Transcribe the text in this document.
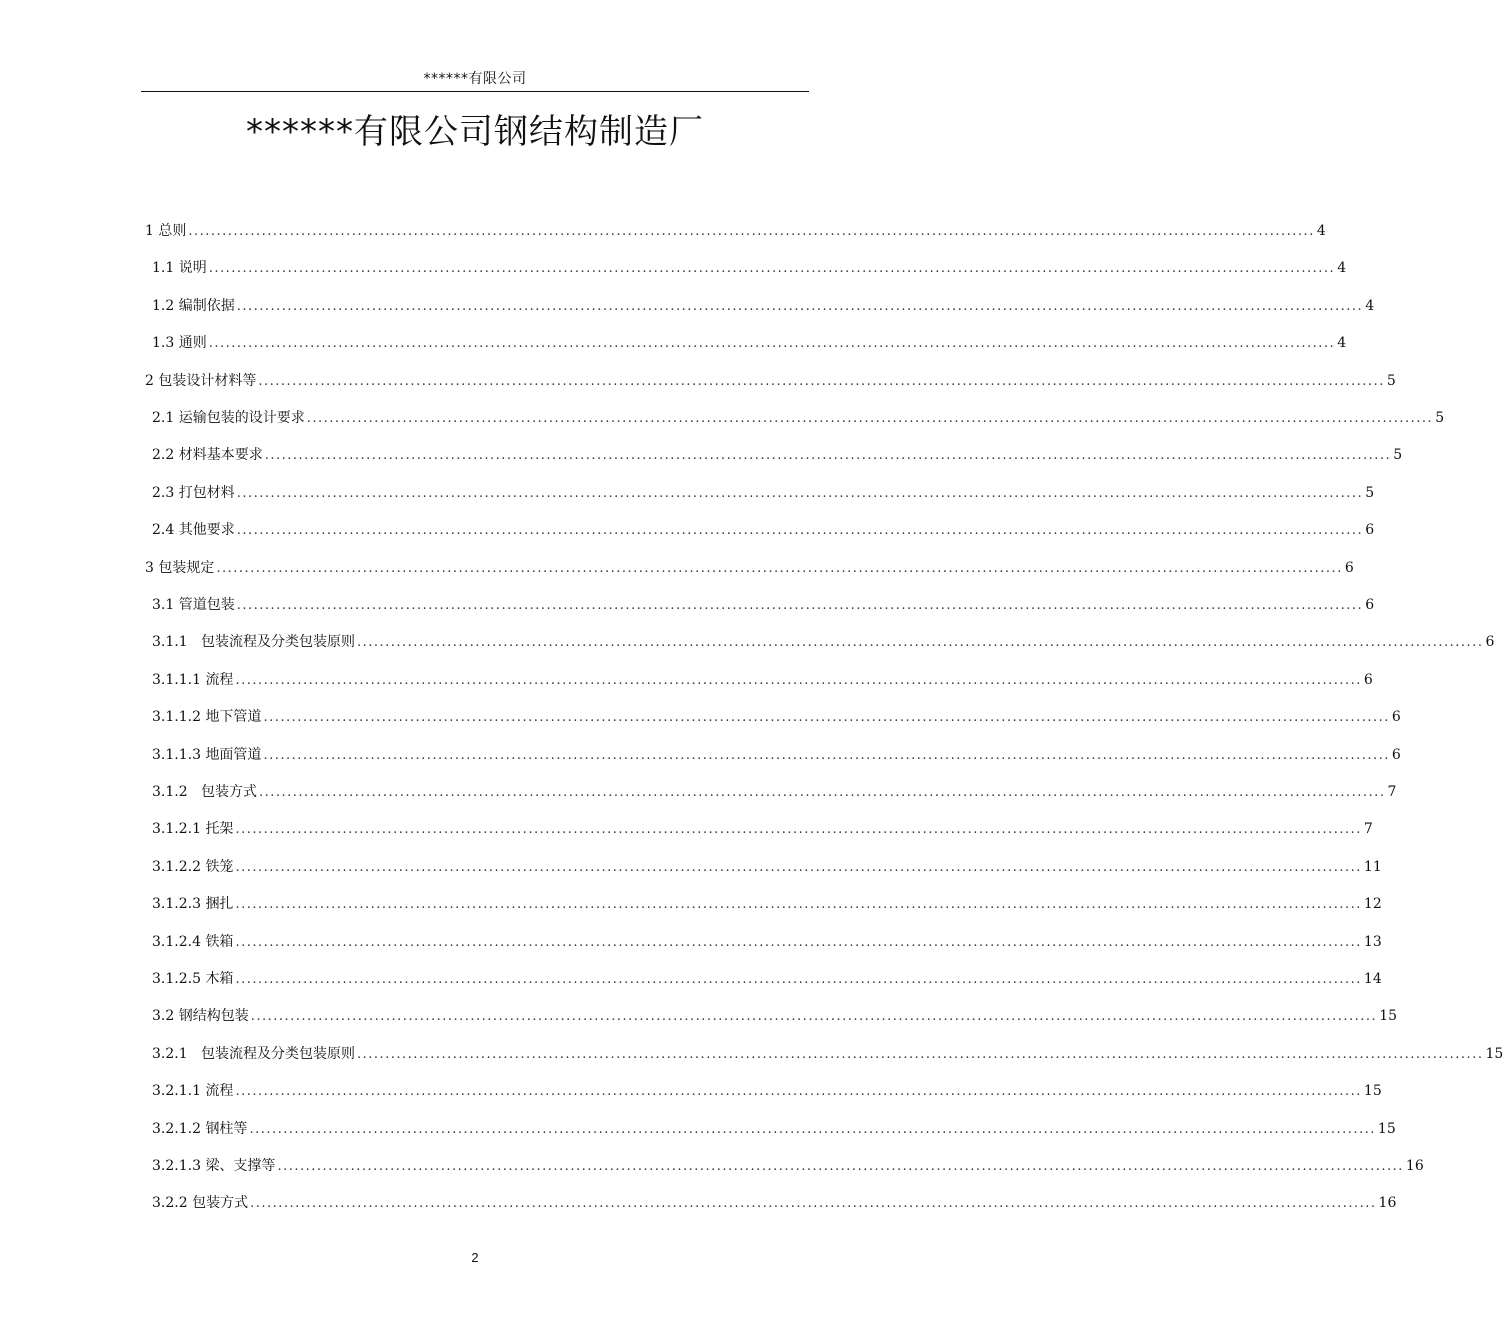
******有限公司
******有限公司钢结构制造厂
1 总则 ........................................................................................................................................................................................................ 4
1.1 说明 ........................................................................................................................................................................................................ 4
1.2 编制依据 ........................................................................................................................................................................................................ 4
1.3 通则 ........................................................................................................................................................................................................ 4
2 包装设计材料等 ........................................................................................................................................................................................................ 5
2.1 运输包装的设计要求 ........................................................................................................................................................................................................ 5
2.2 材料基本要求 ........................................................................................................................................................................................................ 5
2.3 打包材料 ........................................................................................................................................................................................................ 5
2.4 其他要求 ........................................................................................................................................................................................................ 6
3 包装规定 ........................................................................................................................................................................................................ 6
3.1 管道包装 ........................................................................................................................................................................................................ 6
3.1.1 包装流程及分类包装原则 ........................................................................................................................................................................................................ 6
3.1.1.1 流程 ........................................................................................................................................................................................................ 6
3.1.1.2 地下管道 ........................................................................................................................................................................................................ 6
3.1.1.3 地面管道 ........................................................................................................................................................................................................ 6
3.1.2 包装方式 ........................................................................................................................................................................................................ 7
3.1.2.1 托架 ........................................................................................................................................................................................................ 7
3.1.2.2 铁笼 ........................................................................................................................................................................................................ 11
3.1.2.3 捆扎 ........................................................................................................................................................................................................ 12
3.1.2.4 铁箱 ........................................................................................................................................................................................................ 13
3.1.2.5 木箱 ........................................................................................................................................................................................................ 14
3.2 钢结构包装 ........................................................................................................................................................................................................ 15
3.2.1 包装流程及分类包装原则 ........................................................................................................................................................................................................ 15
3.2.1.1 流程 ........................................................................................................................................................................................................ 15
3.2.1.2 钢柱等 ........................................................................................................................................................................................................ 15
3.2.1.3 梁、支撑等 ........................................................................................................................................................................................................ 16
3.2.2 包装方式 ........................................................................................................................................................................................................ 16
2
